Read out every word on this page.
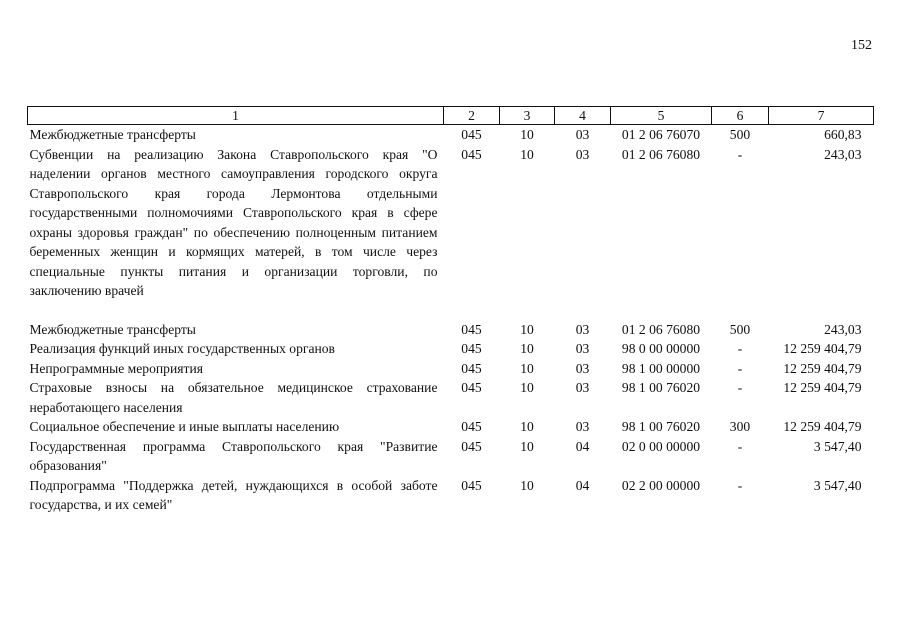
152
1	2	3	4	5	6	7
Межбюджетные трансферты	045	10	03	01 2 06 76070	500	660,83
Субвенции на реализацию Закона Ставропольского края "О наделении органов местного самоуправления городского округа Ставропольского края города Лермонтова отдельными государственными полномочиями Ставропольского края в сфере охраны здоровья граждан" по обеспечению полноценным питанием беременных женщин и кормящих матерей, в том числе через специальные пункты питания и организации торговли, по заключению врачей	045	10	03	01 2 06 76080	-	243,03

Межбюджетные трансферты	045	10	03	01 2 06 76080	500	243,03
Реализация функций иных государственных органов	045	10	03	98 0 00 00000	-	12 259 404,79
Непрограммные мероприятия	045	10	03	98 1 00 00000	-	12 259 404,79
Страховые взносы на обязательное медицинское страхование неработающего населения	045	10	03	98 1 00 76020	-	12 259 404,79
Социальное обеспечение и иные выплаты населению	045	10	03	98 1 00 76020	300	12 259 404,79
Государственная программа Ставропольского края "Развитие образования"	045	10	04	02 0 00 00000	-	3 547,40
Подпрограмма "Поддержка детей, нуждающихся в особой заботе государства, и их семей"	045	10	04	02 2 00 00000	-	3 547,40
